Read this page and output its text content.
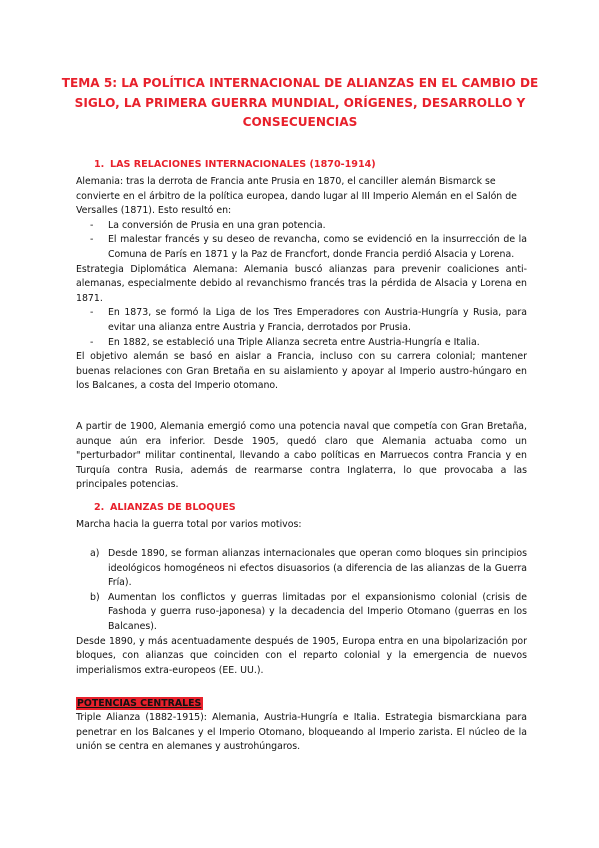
TEMA 5: LA POLÍTICA INTERNACIONAL DE ALIANZAS EN EL CAMBIO DE SIGLO, LA PRIMERA GUERRA MUNDIAL, ORÍGENES, DESARROLLO Y CONSECUENCIAS
1. LAS RELACIONES INTERNACIONALES (1870-1914)

Alemania: tras la derrota de Francia ante Prusia en 1870, el canciller alemán Bismarck se convierte en el árbitro de la política europea, dando lugar al III Imperio Alemán en el Salón de Versalles (1871). Esto resultó en:

- La conversión de Prusia en una gran potencia.
- El malestar francés y su deseo de revancha, como se evidenció en la insurrección de la Comuna de París en 1871 y la Paz de Francfort, donde Francia perdió Alsacia y Lorena.

Estrategia Diplomática Alemana: Alemania buscó alianzas para prevenir coaliciones anti-alemanas, especialmente debido al revanchismo francés tras la pérdida de Alsacia y Lorena en 1871.

- En 1873, se formó la Liga de los Tres Emperadores con Austria-Hungría y Rusia, para evitar una alianza entre Austria y Francia, derrotados por Prusia.
- En 1882, se estableció una Triple Alianza secreta entre Austria-Hungría e Italia.

El objetivo alemán se basó en aislar a Francia, incluso con su carrera colonial; mantener buenas relaciones con Gran Bretaña en su aislamiento y apoyar al Imperio austro-húngaro en los Balcanes, a costa del Imperio otomano.

A partir de 1900, Alemania emergió como una potencia naval que competía con Gran Bretaña, aunque aún era inferior. Desde 1905, quedó claro que Alemania actuaba como un "perturbador" militar continental, llevando a cabo políticas en Marruecos contra Francia y en Turquía contra Rusia, además de rearmarse contra Inglaterra, lo que provocaba a las principales potencias.

2. ALIANZAS DE BLOQUES

Marcha hacia la guerra total por varios motivos:

a) Desde 1890, se forman alianzas internacionales que operan como bloques sin principios ideológicos homogéneos ni efectos disuasorios (a diferencia de las alianzas de la Guerra Fría).
b) Aumentan los conflictos y guerras limitadas por el expansionismo colonial (crisis de Fashoda y guerra ruso-japonesa) y la decadencia del Imperio Otomano (guerras en los Balcanes).

Desde 1890, y más acentuadamente después de 1905, Europa entra en una bipolarización por bloques, con alianzas que coinciden con el reparto colonial y la emergencia de nuevos imperialismos extra-europeos (EE. UU.).

POTENCIAS CENTRALES

Triple Alianza (1882-1915): Alemania, Austria-Hungría e Italia. Estrategia bismarckiana para penetrar en los Balcanes y el Imperio Otomano, bloqueando al Imperio zarista. El núcleo de la unión se centra en alemanes y austrohúngaros.
